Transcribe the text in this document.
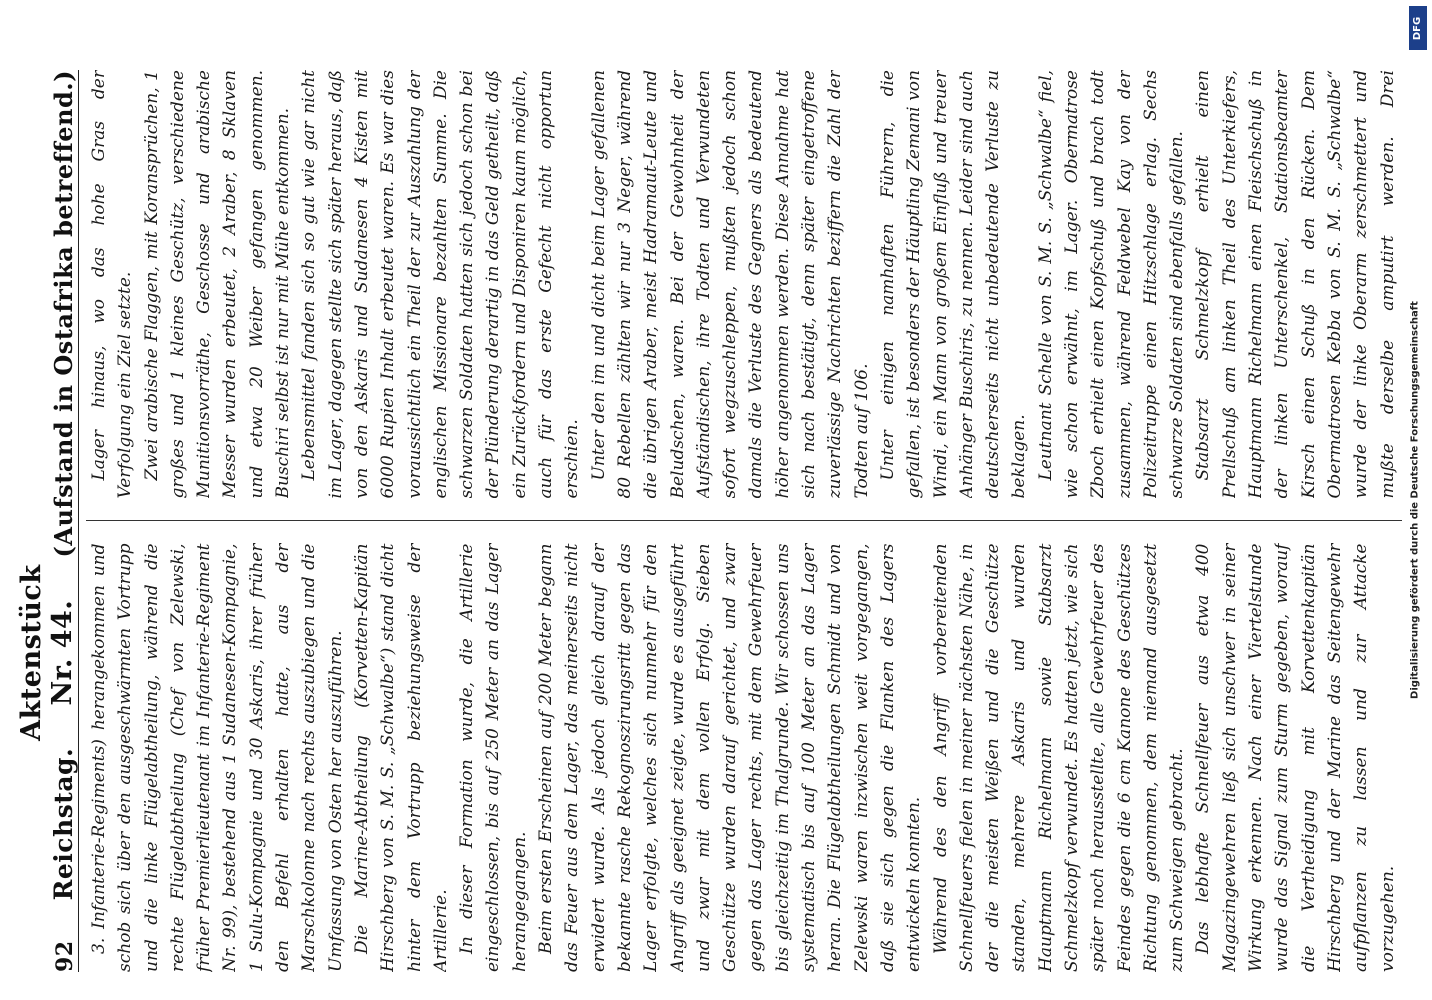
92
Reichstag.
Aktenstück Nr. 44.
(Aufstand in Ostafrika betreffend.)

3. Infanterie-Regiments) herangekommen und schob sich über den ausgeschwärmten Vortrupp und die linke Flügelabtheilung, während die rechte Flügelabtheilung (Chef von Zelewski, früher Premierlieutenant im Infanterie-Regiment Nr. 99), bestehend aus 1 Sudanesen-Kompagnie, 1 Sulu-Kompagnie und 30 Askaris, ihrer früher den Befehl erhalten hatte, aus der Marschkolonne nach rechts auszubiegen und die Umfassung von Osten her auszuführen. Die Marine-Abtheilung (Korvetten-Kapitän Hirschberg von S. M. S. „Schwalbe“) stand dicht hinter dem Vortrupp beziehungsweise der Artillerie. In dieser Formation wurde, die Artillerie eingeschlossen, bis auf 250 Meter an das Lager herangegangen. Beim ersten Erscheinen auf 200 Meter begann das Feuer aus dem Lager, das meinerseits nicht erwidert wurde. Als jedoch gleich darauf der bekannte rasche Rekognoszirungsritt gegen das Lager erfolgte, welches sich nunmehr für den Angriff als geeignet zeigte, wurde es ausgeführt und zwar mit dem vollen Erfolg. Sieben Geschütze wurden darauf gerichtet, und zwar gegen das Lager rechts, mit dem Gewehrfeuer bis gleichzeitig im Thalgrunde. Wir schossen uns systematisch bis auf 100 Meter an das Lager heran. Die Flügelabtheilungen Schmidt und von Zelewski waren inzwischen weit vorgegangen, daß sie sich gegen die Flanken des Lagers entwickeln konnten. Während des den Angriff vorbereitenden Schnellfeuers fielen in meiner nächsten Nähe, in der die meisten Weißen und die Geschütze standen, mehrere Askaris und wurden Hauptmann Richelmann sowie Stabsarzt Schmelzkopf verwundet. Es hatten jetzt, wie sich später noch herausstellte, alle Gewehrfeuer des Feindes gegen die 6 cm Kanone des Geschützes Richtung genommen, dem niemand ausgesetzt zum Schweigen gebracht. Das lebhafte Schnellfeuer aus etwa 400 Magazingewehren ließ sich unschwer in seiner Wirkung erkennen. Nach einer Viertelstunde wurde das Signal zum Sturm gegeben, worauf die Vertheidigung mit Korvettenkapitän Hirschberg und der Marine das Seitengewehr aufpflanzen zu lassen und zur Attacke vorzugehen.

Lager hinaus, wo das hohe Gras der Verfolgung ein Ziel setzte. Zwei arabische Flaggen, mit Koransprüchen, 1 großes und 1 kleines Geschütz, verschiedene Munitionsvorräthe, Geschosse und arabische Messer wurden erbeutet, 2 Araber, 8 Sklaven und etwa 20 Weiber gefangen genommen. Buschiri selbst ist nur mit Mühe entkommen. Lebensmittel fanden sich so gut wie gar nicht im Lager, dagegen stellte sich später heraus, daß von den Askaris und Sudanesen 4 Kisten mit 6000 Rupien Inhalt erbeutet waren. Es war dies voraussichtlich ein Theil der zur Auszahlung der englischen Missionare bezahlten Summe. Die schwarzen Soldaten hatten sich jedoch schon bei der Plünderung derartig in das Geld getheilt, daß ein Zurückfordern und Disponiren kaum möglich, auch für das erste Gefecht nicht opportun erschien. Unter den im und dicht beim Lager gefallenen 80 Rebellen zählten wir nur 3 Neger, während die übrigen Araber, meist Hadramaut-Leute und Beludschen, waren. Bei der Gewohnheit der Aufständischen, ihre Todten und Verwundeten sofort wegzuschleppen, mußten jedoch schon damals die Verluste des Gegners als bedeutend höher angenommen werden. Diese Annahme hat sich nach bestätigt, denn später eingetroffene zuverlässige Nachrichten beziffern die Zahl der Todten auf 106. Unter einigen namhaften Führern, die gefallen, ist besonders der Häuptling Zemani von Windi, ein Mann von großem Einfluß und treuer Anhänger Buschiris, zu nennen. Leider sind auch deutscherseits nicht unbedeutende Verluste zu beklagen. Leutnant Schelle von S. M. S. „Schwalbe“ fiel, wie schon erwähnt, im Lager. Obermatrose Zboch erhielt einen Kopfschuß und brach todt zusammen, während Feldwebel Kay von der Polizeitruppe einen Hitzschlage erlag. Sechs schwarze Soldaten sind ebenfalls gefallen. Stabsarzt Schmelzkopf erhielt einen Prellschuß am linken Theil des Unterkiefers, Hauptmann Richelmann einen Fleischschuß in der linken Unterschenkel, Stationsbeamter Kirsch einen Schuß in den Rücken. Dem Obermatrosen Kebba von S. M. S. „Schwalbe“ wurde der linke Oberarm zerschmettert und mußte derselbe amputirt werden. Drei

DFG
Digitalisierung gefördert durch die Deutsche Forschungsgemeinschaft
